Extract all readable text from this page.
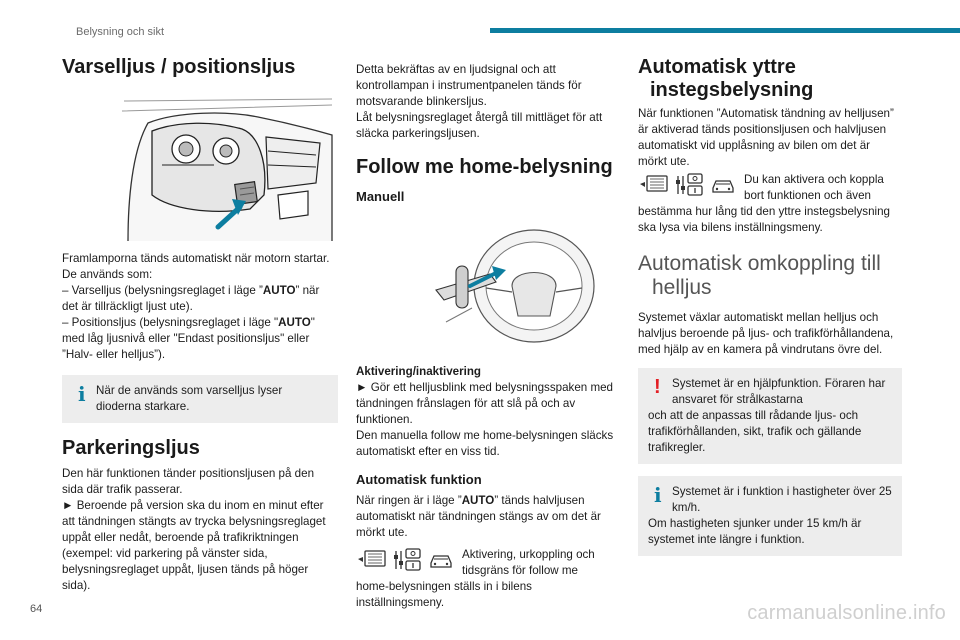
Belysning och sikt
Varselljus / positionsljus

Framlamporna tänds automatiskt när motorn startar.

De används som:

– Varselljus (belysningsreglaget i läge ”AUTO” när det är tillräckligt ljust ute).

– Positionsljus (belysningsreglaget i läge "AUTO" med låg ljusnivå eller "Endast positionsljus" eller ”Halv- eller helljus”).

i När de används som varselljus lyser dioderna starkare.
Parkeringsljus

Den här funktionen tänder positionsljusen på den sida där trafik passerar.

► Beroende på version ska du inom en minut efter att tändningen stängts av trycka belysningsreglaget uppåt eller nedåt, beroende på trafikriktningen (exempel: vid parkering på vänster sida, belysningsreglaget uppåt, ljusen tänds på höger sida).

Detta bekräftas av en ljudsignal och att kontrollampan i instrumentpanelen tänds för motsvarande blinkersljus.

Låt belysningsreglaget återgå till mittläget för att släcka parkeringsljusen.

Follow me home-belysning
Manuell

Aktivering/inaktivering

► Gör ett helljusblink med belysningsspaken med tändningen frånslagen för att slå på och av funktionen.

Den manuella follow me home-belysningen släcks automatiskt efter en viss tid.

Automatisk funktion

När ringen är i läge ”AUTO” tänds halvljusen automatiskt när tändningen stängs av om det är mörkt ute.

Aktivering, urkoppling och tidsgräns för follow me

home-belysningen ställs in i bilens inställningsmeny.

Automatisk yttre
instegsbelysning

När funktionen ”Automatisk tändning av helljusen” är aktiverad tänds positionsljusen och halvljusen automatiskt vid upplåsning av bilen om det är mörkt ute.

Du kan aktivera och koppla bort funktionen och även

bestämma hur lång tid den yttre instegsbelysning ska lysa via bilens inställningsmeny.

Automatisk omkoppling till
helljus

Systemet växlar automatiskt mellan helljus och halvljus beroende på ljus- och trafikförhållandena, med hjälp av en kamera på vindrutans övre del.

! Systemet är en hjälpfunktion. Föraren har ansvaret för strålkastarna

och att de anpassas till rådande ljus- och trafikförhållanden, sikt, trafik och gällande trafikregler.

i Systemet är i funktion i hastigheter över 25 km/h.

Om hastigheten sjunker under 15 km/h är systemet inte längre i funktion.

64	carmanualsonline.info
